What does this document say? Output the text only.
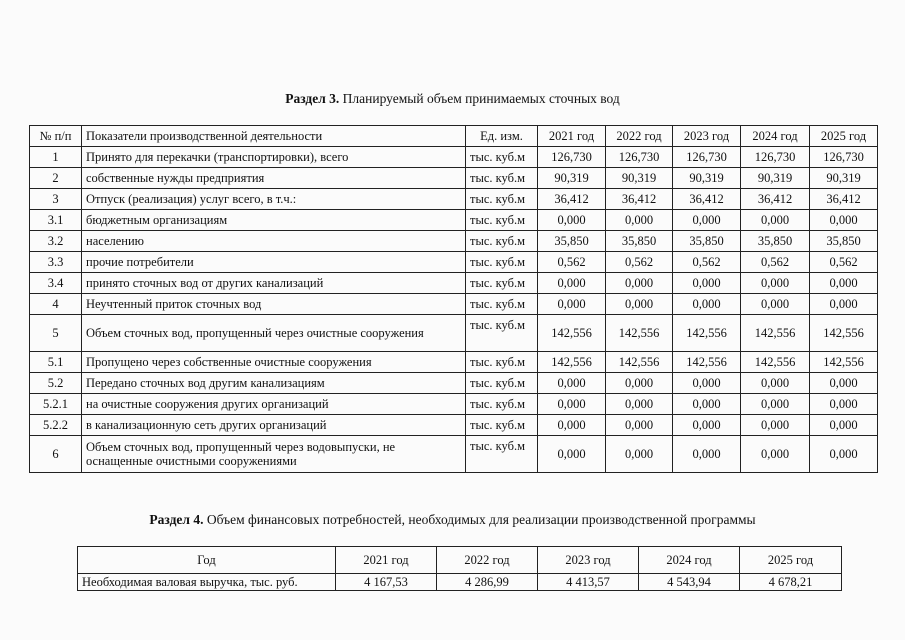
Раздел 3. Планируемый объем принимаемых сточных вод
№ п/п	Показатели производственной деятельности	Ед. изм.	2021 год	2022 год	2023 год	2024 год	2025 год
1	Принято для перекачки (транспортировки), всего	тыс. куб.м	126,730	126,730	126,730	126,730	126,730
2	собственные нужды предприятия	тыс. куб.м	90,319	90,319	90,319	90,319	90,319
3	Отпуск (реализация) услуг всего, в т.ч.:	тыс. куб.м	36,412	36,412	36,412	36,412	36,412
3.1	бюджетным организациям	тыс. куб.м	0,000	0,000	0,000	0,000	0,000
3.2	населению	тыс. куб.м	35,850	35,850	35,850	35,850	35,850
3.3	прочие потребители	тыс. куб.м	0,562	0,562	0,562	0,562	0,562
3.4	принято сточных вод от других канализаций	тыс. куб.м	0,000	0,000	0,000	0,000	0,000
4	Неучтенный приток сточных вод	тыс. куб.м	0,000	0,000	0,000	0,000	0,000
5	Объем сточных вод, пропущенный через очистные сооружения	тыс. куб.м	142,556	142,556	142,556	142,556	142,556
5.1	Пропущено через собственные очистные сооружения	тыс. куб.м	142,556	142,556	142,556	142,556	142,556
5.2	Передано сточных вод другим канализациям	тыс. куб.м	0,000	0,000	0,000	0,000	0,000
5.2.1	на очистные сооружения других организаций	тыс. куб.м	0,000	0,000	0,000	0,000	0,000
5.2.2	в канализационную сеть других организаций	тыс. куб.м	0,000	0,000	0,000	0,000	0,000
6	Объем сточных вод, пропущенный через водовыпуски, не оснащенные очистными сооружениями	тыс. куб.м	0,000	0,000	0,000	0,000	0,000
Раздел 4. Объем финансовых потребностей, необходимых для реализации производственной программы
Год	2021 год	2022 год	2023 год	2024 год	2025 год
Необходимая валовая выручка, тыс. руб.	4 167,53	4 286,99	4 413,57	4 543,94	4 678,21
